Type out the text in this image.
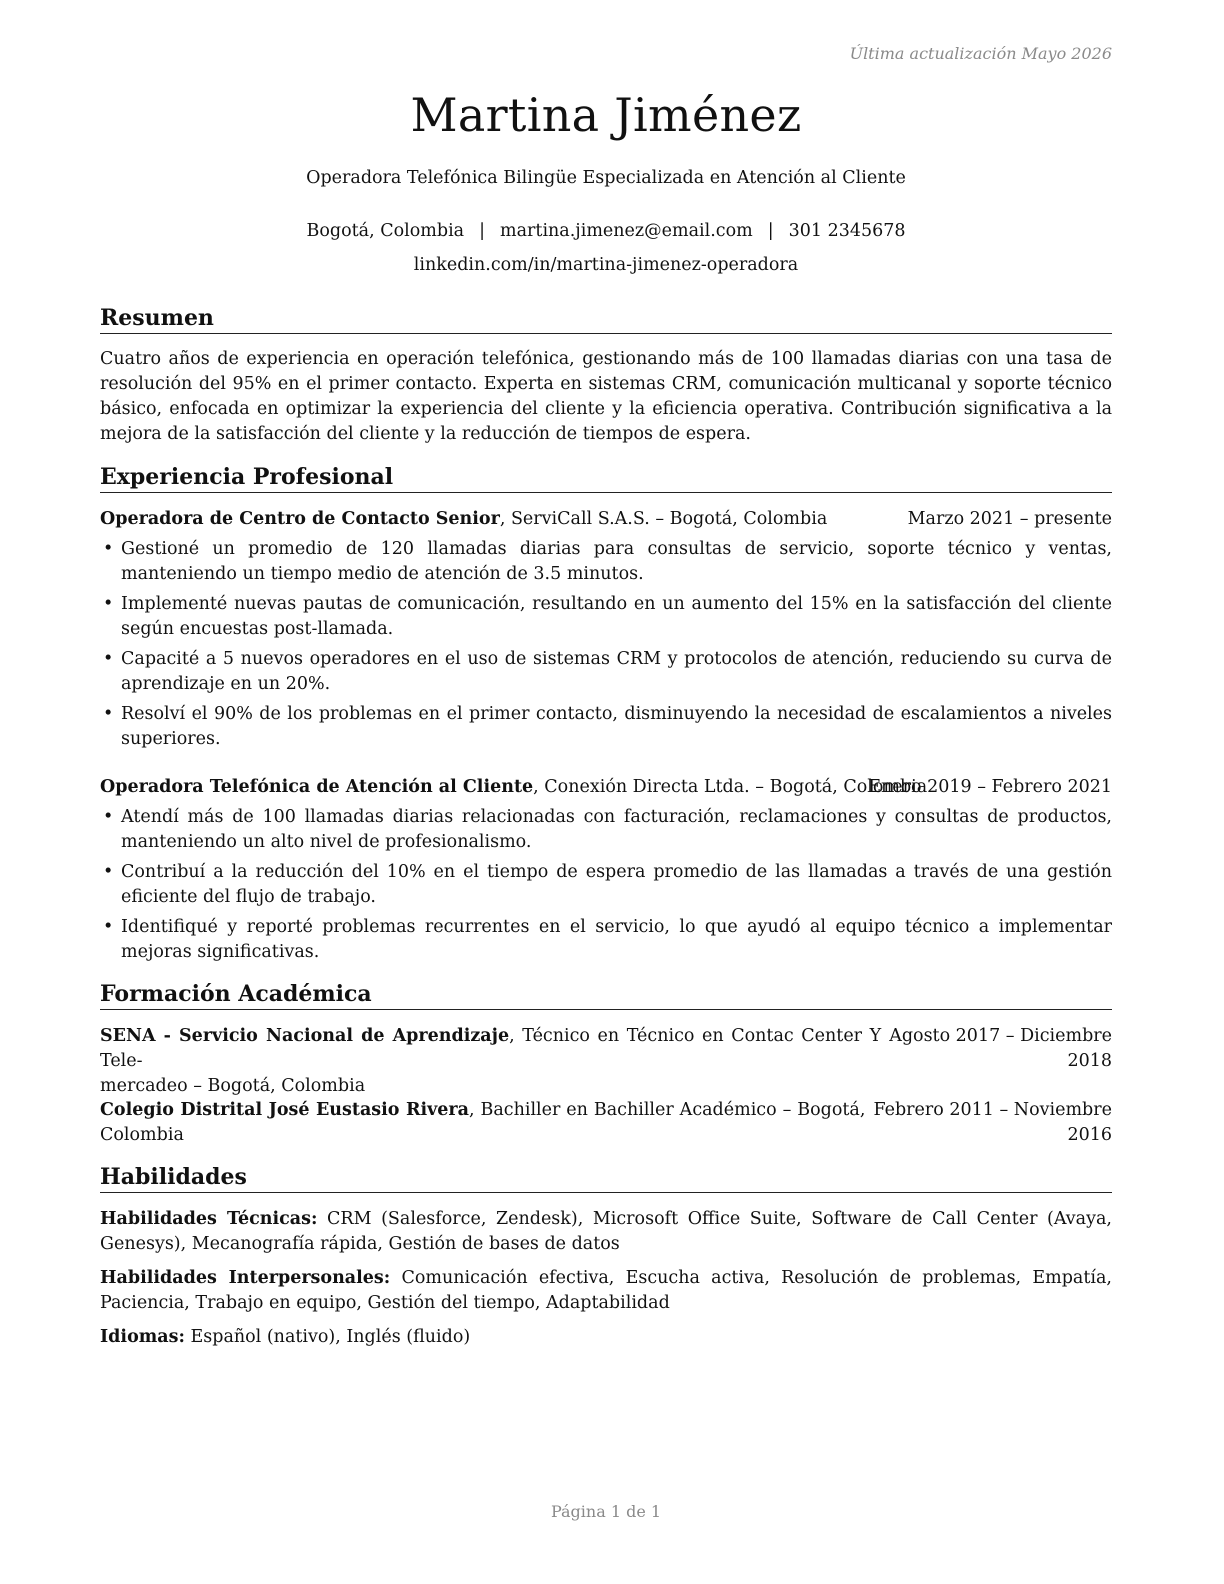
Última actualización Mayo 2026
Martina Jiménez
Operadora Telefónica Bilingüe Especializada en Atención al Cliente
Bogotá, Colombia | martina.jimenez@email.com | 301 2345678
linkedin.com/in/martina-jimenez-operadora
Resumen
Cuatro años de experiencia en operación telefónica, gestionando más de 100 llamadas diarias con una tasa de resolución del 95% en el primer contacto. Experta en sistemas CRM, comunicación multicanal y soporte técnico básico, enfocada en optimizar la experiencia del cliente y la eficiencia operativa. Contribución significativa a la mejora de la satisfacción del cliente y la reducción de tiempos de espera.
Experiencia Profesional
Operadora de Centro de Contacto Senior, ServiCall S.A.S. – Bogotá, Colombia	Marzo 2021 – presente
• Gestioné un promedio de 120 llamadas diarias para consultas de servicio, soporte técnico y ventas, manteniendo un tiempo medio de atención de 3.5 minutos.
• Implementé nuevas pautas de comunicación, resultando en un aumento del 15% en la satisfacción del cliente según encuestas post-llamada.
• Capacité a 5 nuevos operadores en el uso de sistemas CRM y protocolos de atención, reduciendo su curva de aprendizaje en un 20%.
• Resolví el 90% de los problemas en el primer contacto, disminuyendo la necesidad de escalamientos a niveles superiores.
Operadora Telefónica de Atención al Cliente, Conexión Directa Ltda. – Bogotá, Colombia
Enero 2019 – Febrero 2021
• Atendí más de 100 llamadas diarias relacionadas con facturación, reclamaciones y consultas de productos, manteniendo un alto nivel de profesionalismo.
• Contribuí a la reducción del 10% en el tiempo de espera promedio de las llamadas a través de una gestión eficiente del flujo de trabajo.
• Identifiqué y reporté problemas recurrentes en el servicio, lo que ayudó al equipo técnico a implementar mejoras significativas.
Formación Académica
SENA - Servicio Nacional de Aprendizaje, Técnico en Técnico en Contac Center Y Tele-
mercadeo – Bogotá, Colombia
Agosto 2017 – Diciembre
2018
Colegio Distrital José Eustasio Rivera, Bachiller en Bachiller Académico – Bogotá,
Colombia
Febrero 2011 – Noviembre
2016
Habilidades
Habilidades Técnicas: CRM (Salesforce, Zendesk), Microsoft Office Suite, Software de Call Center (Avaya, Genesys), Mecanografía rápida, Gestión de bases de datos
Habilidades Interpersonales: Comunicación efectiva, Escucha activa, Resolución de problemas, Empatía, Paciencia, Trabajo en equipo, Gestión del tiempo, Adaptabilidad
Idiomas: Español (nativo), Inglés (fluido)
Página 1 de 1
